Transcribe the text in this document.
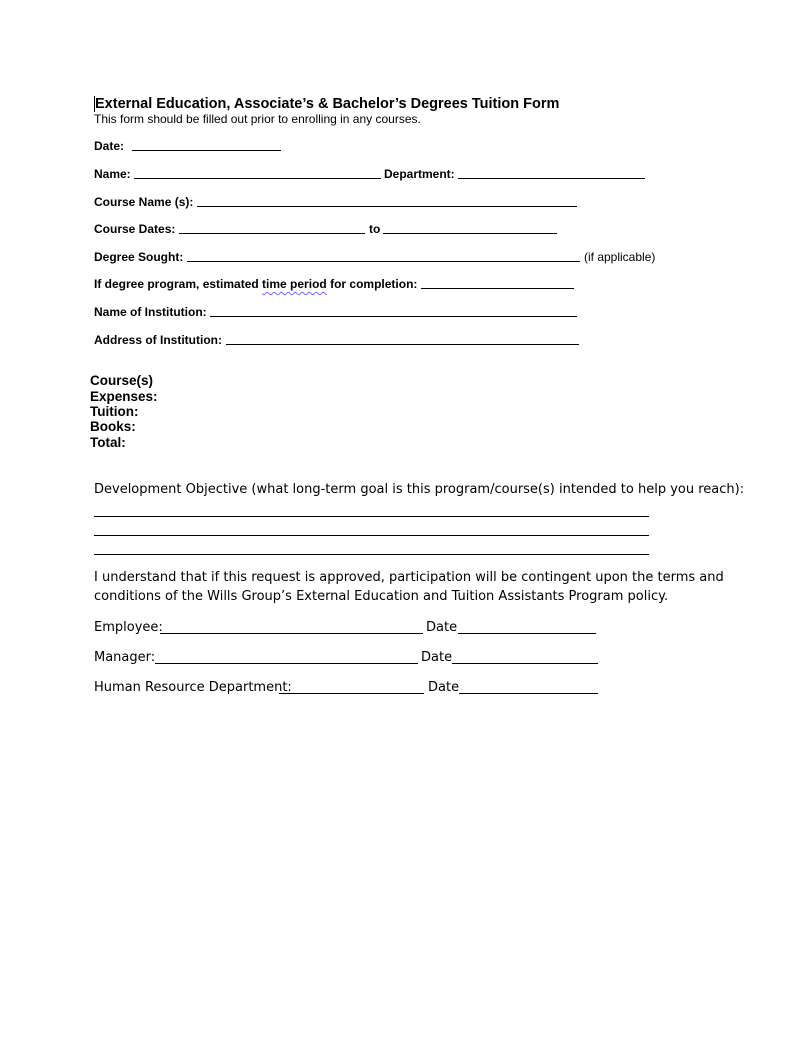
External Education, Associate’s & Bachelor’s Degrees Tuition Form
This form should be filled out prior to enrolling in any courses.
Date:
Name:	Department:
Course Name (s):
Course Dates:	to
Degree Sought:	(if applicable)
If degree program, estimated time period for completion:
Name of Institution:
Address of Institution:
Course(s)
Expenses:
Tuition:
Books:
Total:
Development Objective (what long-term goal is this program/course(s) intended to help you reach):
I understand that if this request is approved, participation will be contingent upon the terms and
conditions of the Wills Group’s External Education and Tuition Assistants Program policy.
Employee:	Date
Manager:	Date
Human Resource Department:	Date
